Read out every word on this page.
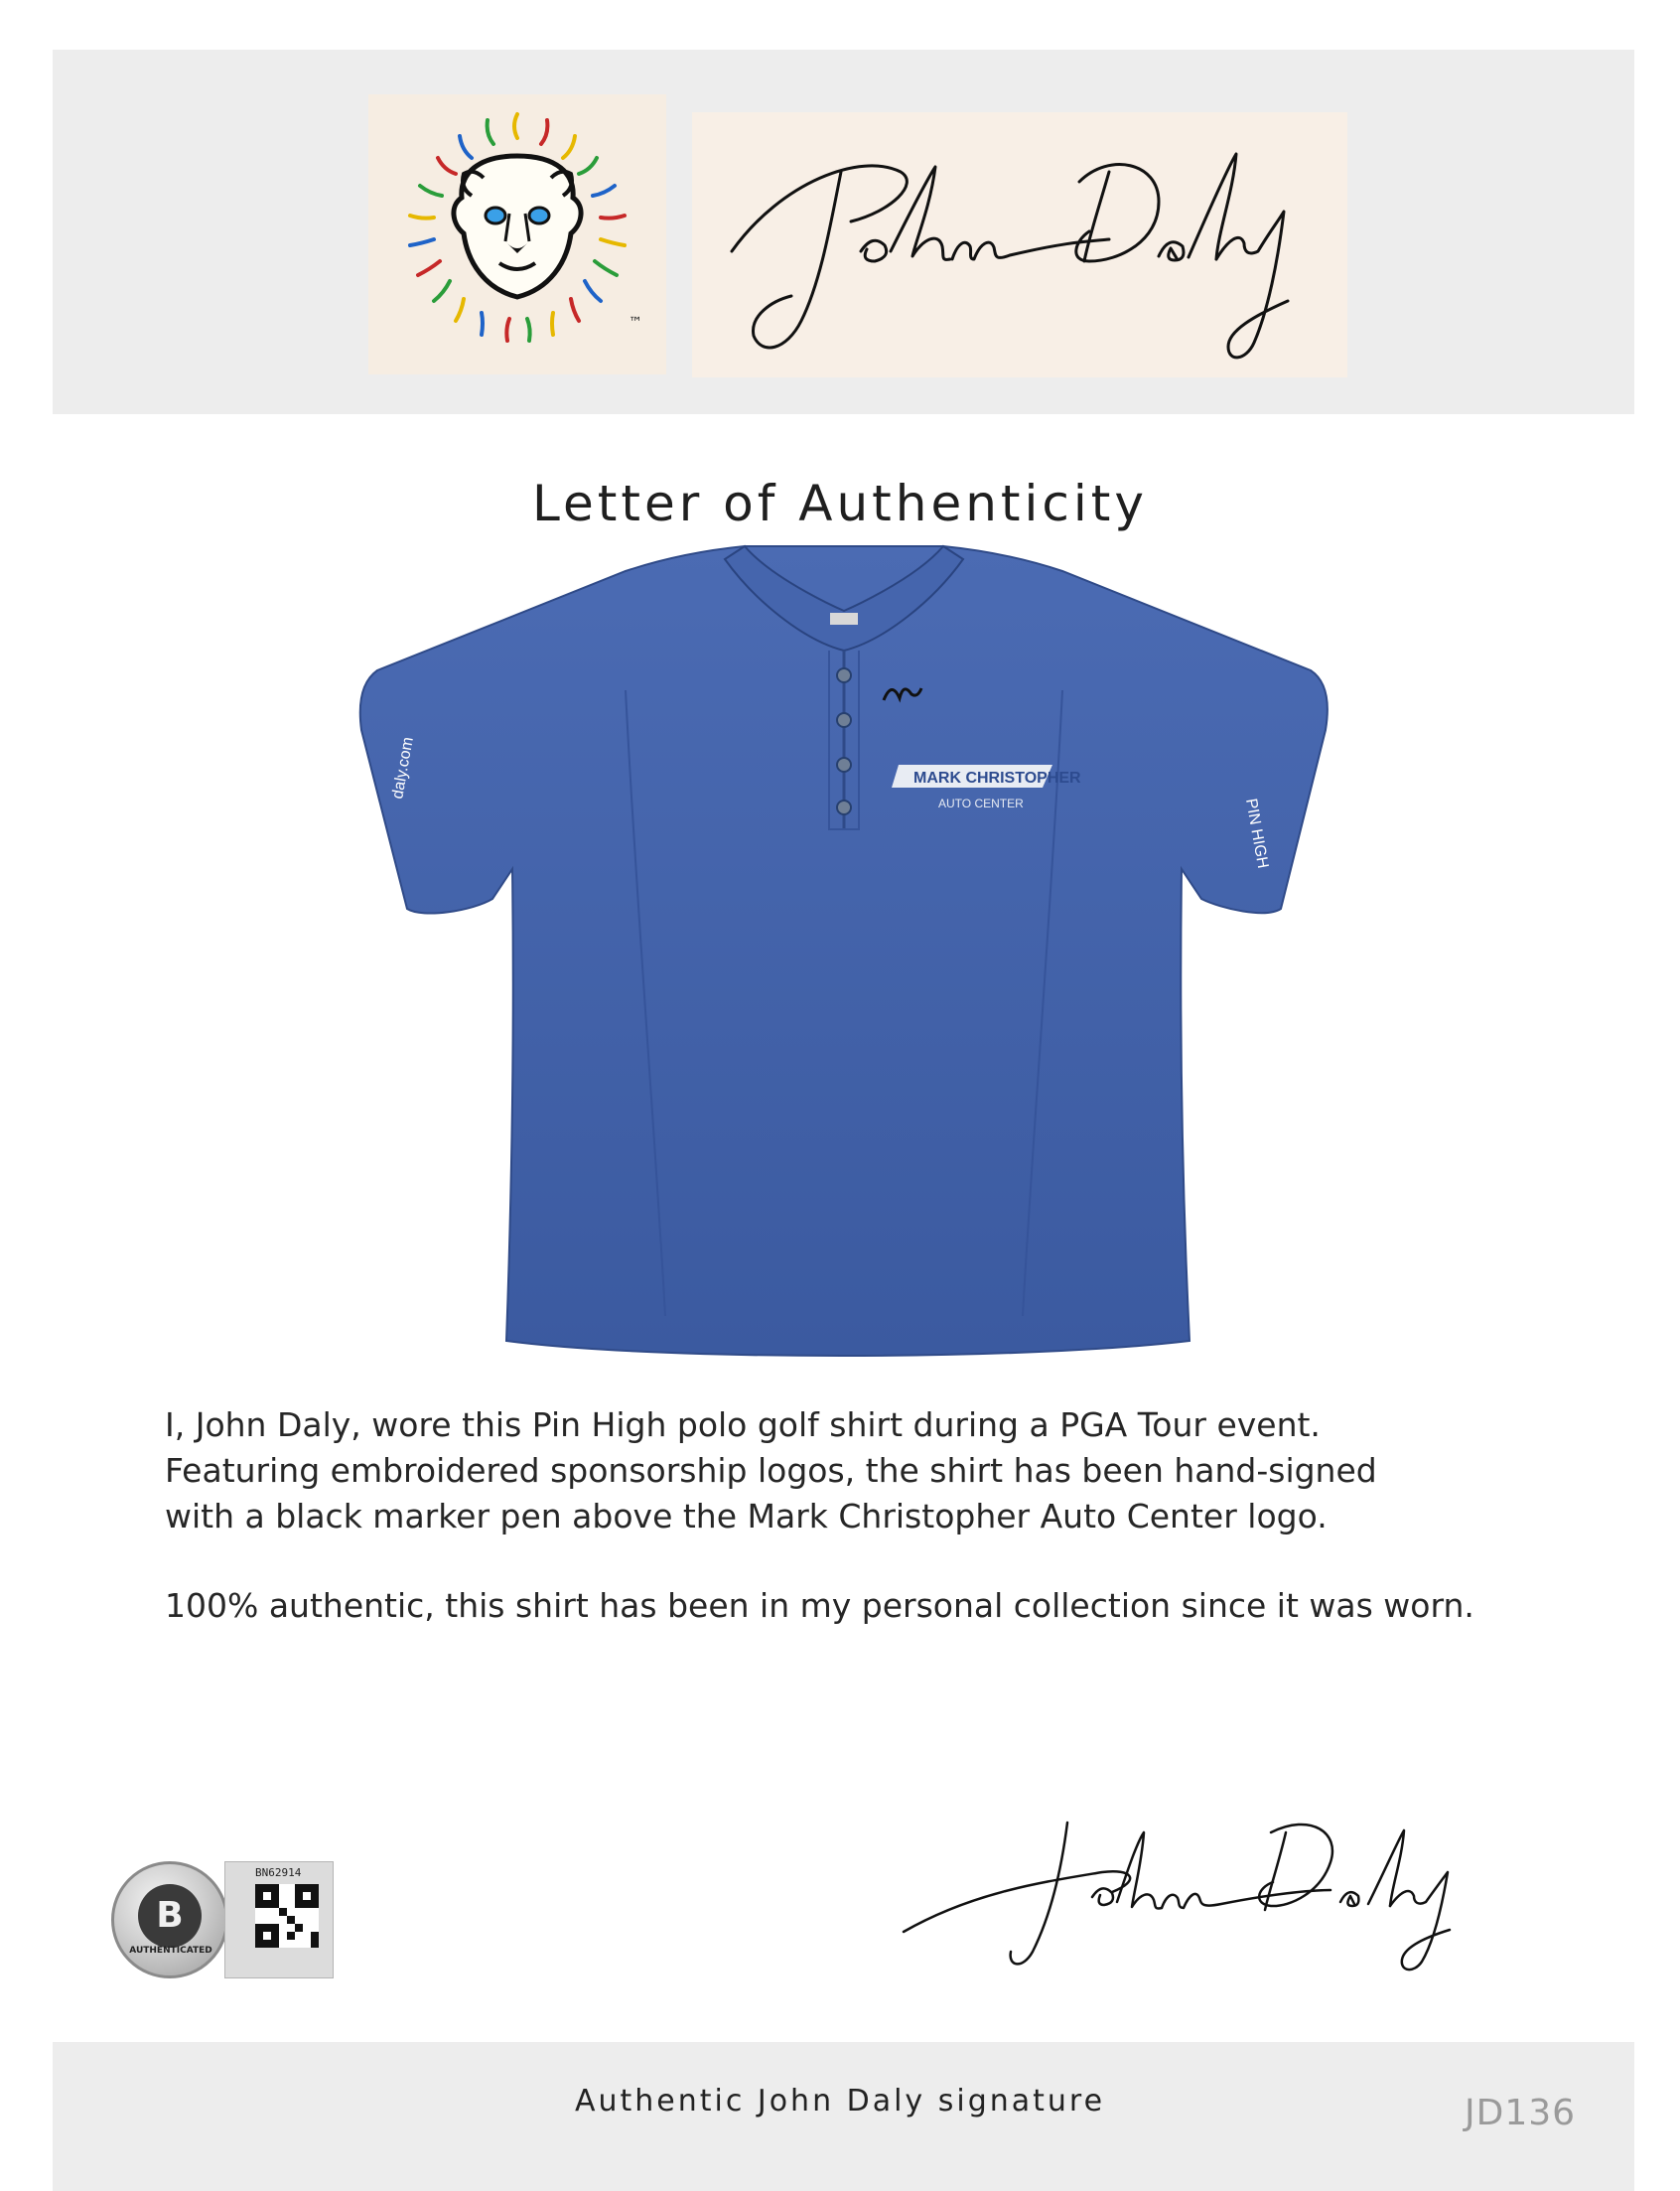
™
Letter of Authenticity
MARK CHRISTOPHER
AUTO CENTER
daly.com
PIN HIGH
I, John Daly, wore this Pin High polo golf shirt during a PGA Tour event.
Featuring embroidered sponsorship logos, the shirt has been hand-signed
with a black marker pen above the Mark Christopher Auto Center logo.
100% authentic, this shirt has been in my personal collection since it was worn.
B
AUTHENTICATED
BN62914
Authentic John Daly signature	JD136
